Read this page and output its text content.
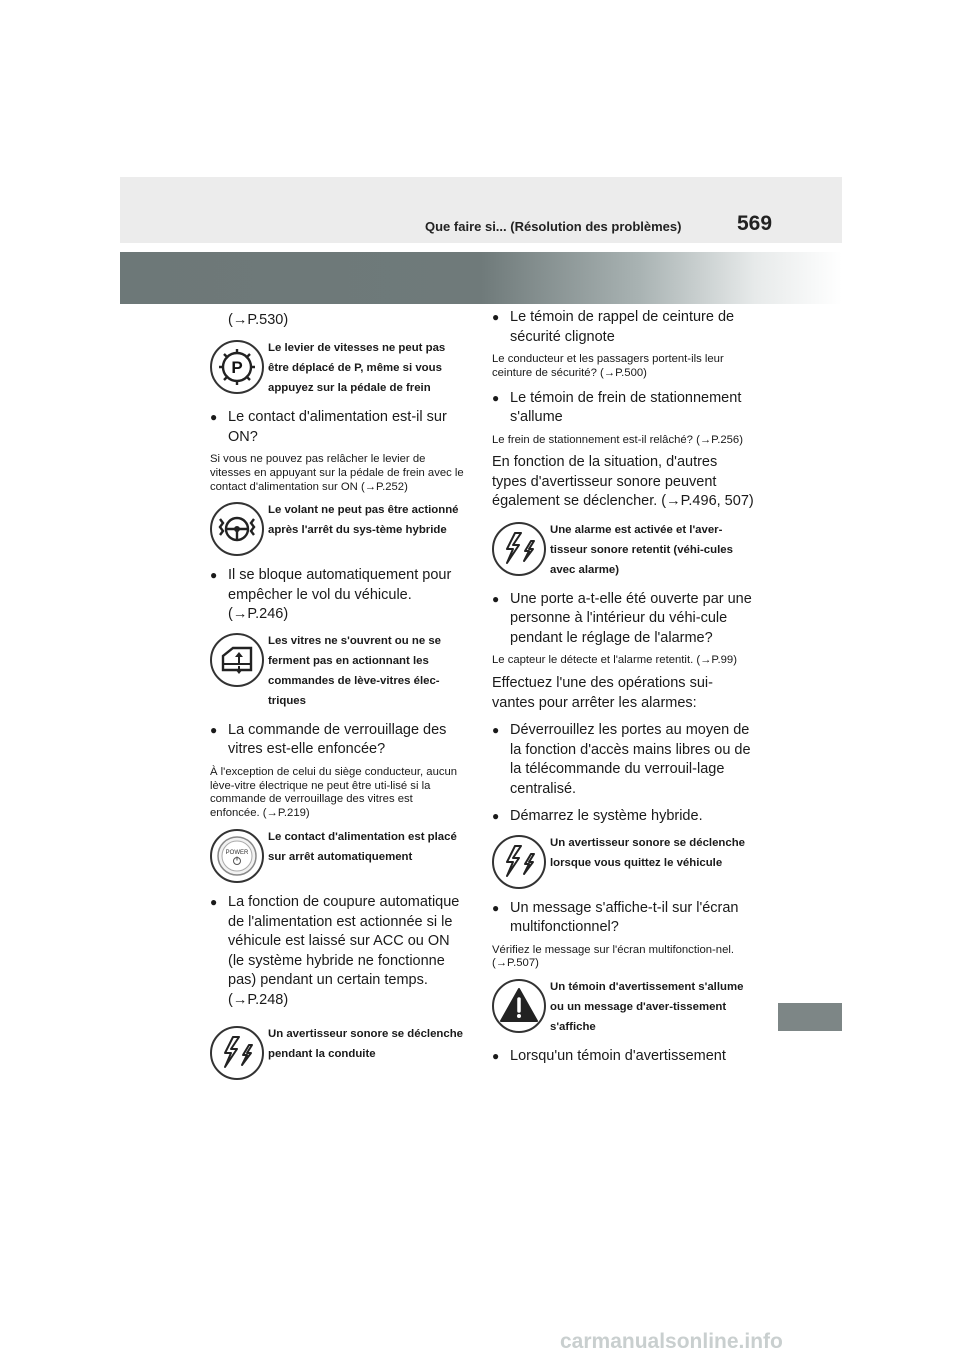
Que faire si... (Résolution des problèmes)	569
carmanualsonline.info
(→P.530)
P
Le levier de vitesses ne peut pas être déplacé de P, même si vous appuyez sur la pédale de frein
● Le contact d'alimentation est-il sur ON?
Si vous ne pouvez pas relâcher le levier de vitesses en appuyant sur la pédale de frein avec le contact d'alimentation sur ON (→P.252)
Le volant ne peut pas être actionné après l'arrêt du sys-tème hybride
● Il se bloque automatiquement pour empêcher le vol du véhicule. (→P.246)
Les vitres ne s'ouvrent ou ne se ferment pas en actionnant les commandes de lève-vitres élec-triques
● La commande de verrouillage des vitres est-elle enfoncée?
À l'exception de celui du siège conducteur, aucun lève-vitre électrique ne peut être uti-lisé si la commande de verrouillage des vitres est enfoncée. (→P.219)
POWER
Le contact d'alimentation est placé sur arrêt automatiquement
● La fonction de coupure automatique de l'alimentation est actionnée si le véhicule est laissé sur ACC ou ON (le système hybride ne fonctionne pas) pendant un certain temps. (→P.248)
Un avertisseur sonore se déclenche pendant la conduite
● Le témoin de rappel de ceinture de sécurité clignote
Le conducteur et les passagers portent-ils leur ceinture de sécurité? (→P.500)
● Le témoin de frein de stationnement s'allume
Le frein de stationnement est-il relâché? (→P.256)
En fonction de la situation, d'autres types d'avertisseur sonore peuvent également se déclencher. (→P.496, 507)
Une alarme est activée et l'aver-tisseur sonore retentit (véhi-cules avec alarme)
● Une porte a-t-elle été ouverte par une personne à l'intérieur du véhi-cule pendant le réglage de l'alarme?
Le capteur le détecte et l'alarme retentit. (→P.99)
Effectuez l'une des opérations sui-vantes pour arrêter les alarmes:
● Déverrouillez les portes au moyen de la fonction d'accès mains libres ou de la télécommande du verrouil-lage centralisé.
● Démarrez le système hybride.
Un avertisseur sonore se déclenche lorsque vous quittez le véhicule
● Un message s'affiche-t-il sur l'écran multifonctionnel?
Vérifiez le message sur l'écran multifonction-nel. (→P.507)
Un témoin d'avertissement s'allume ou un message d'aver-tissement s'affiche
● Lorsqu'un témoin d'avertissement
